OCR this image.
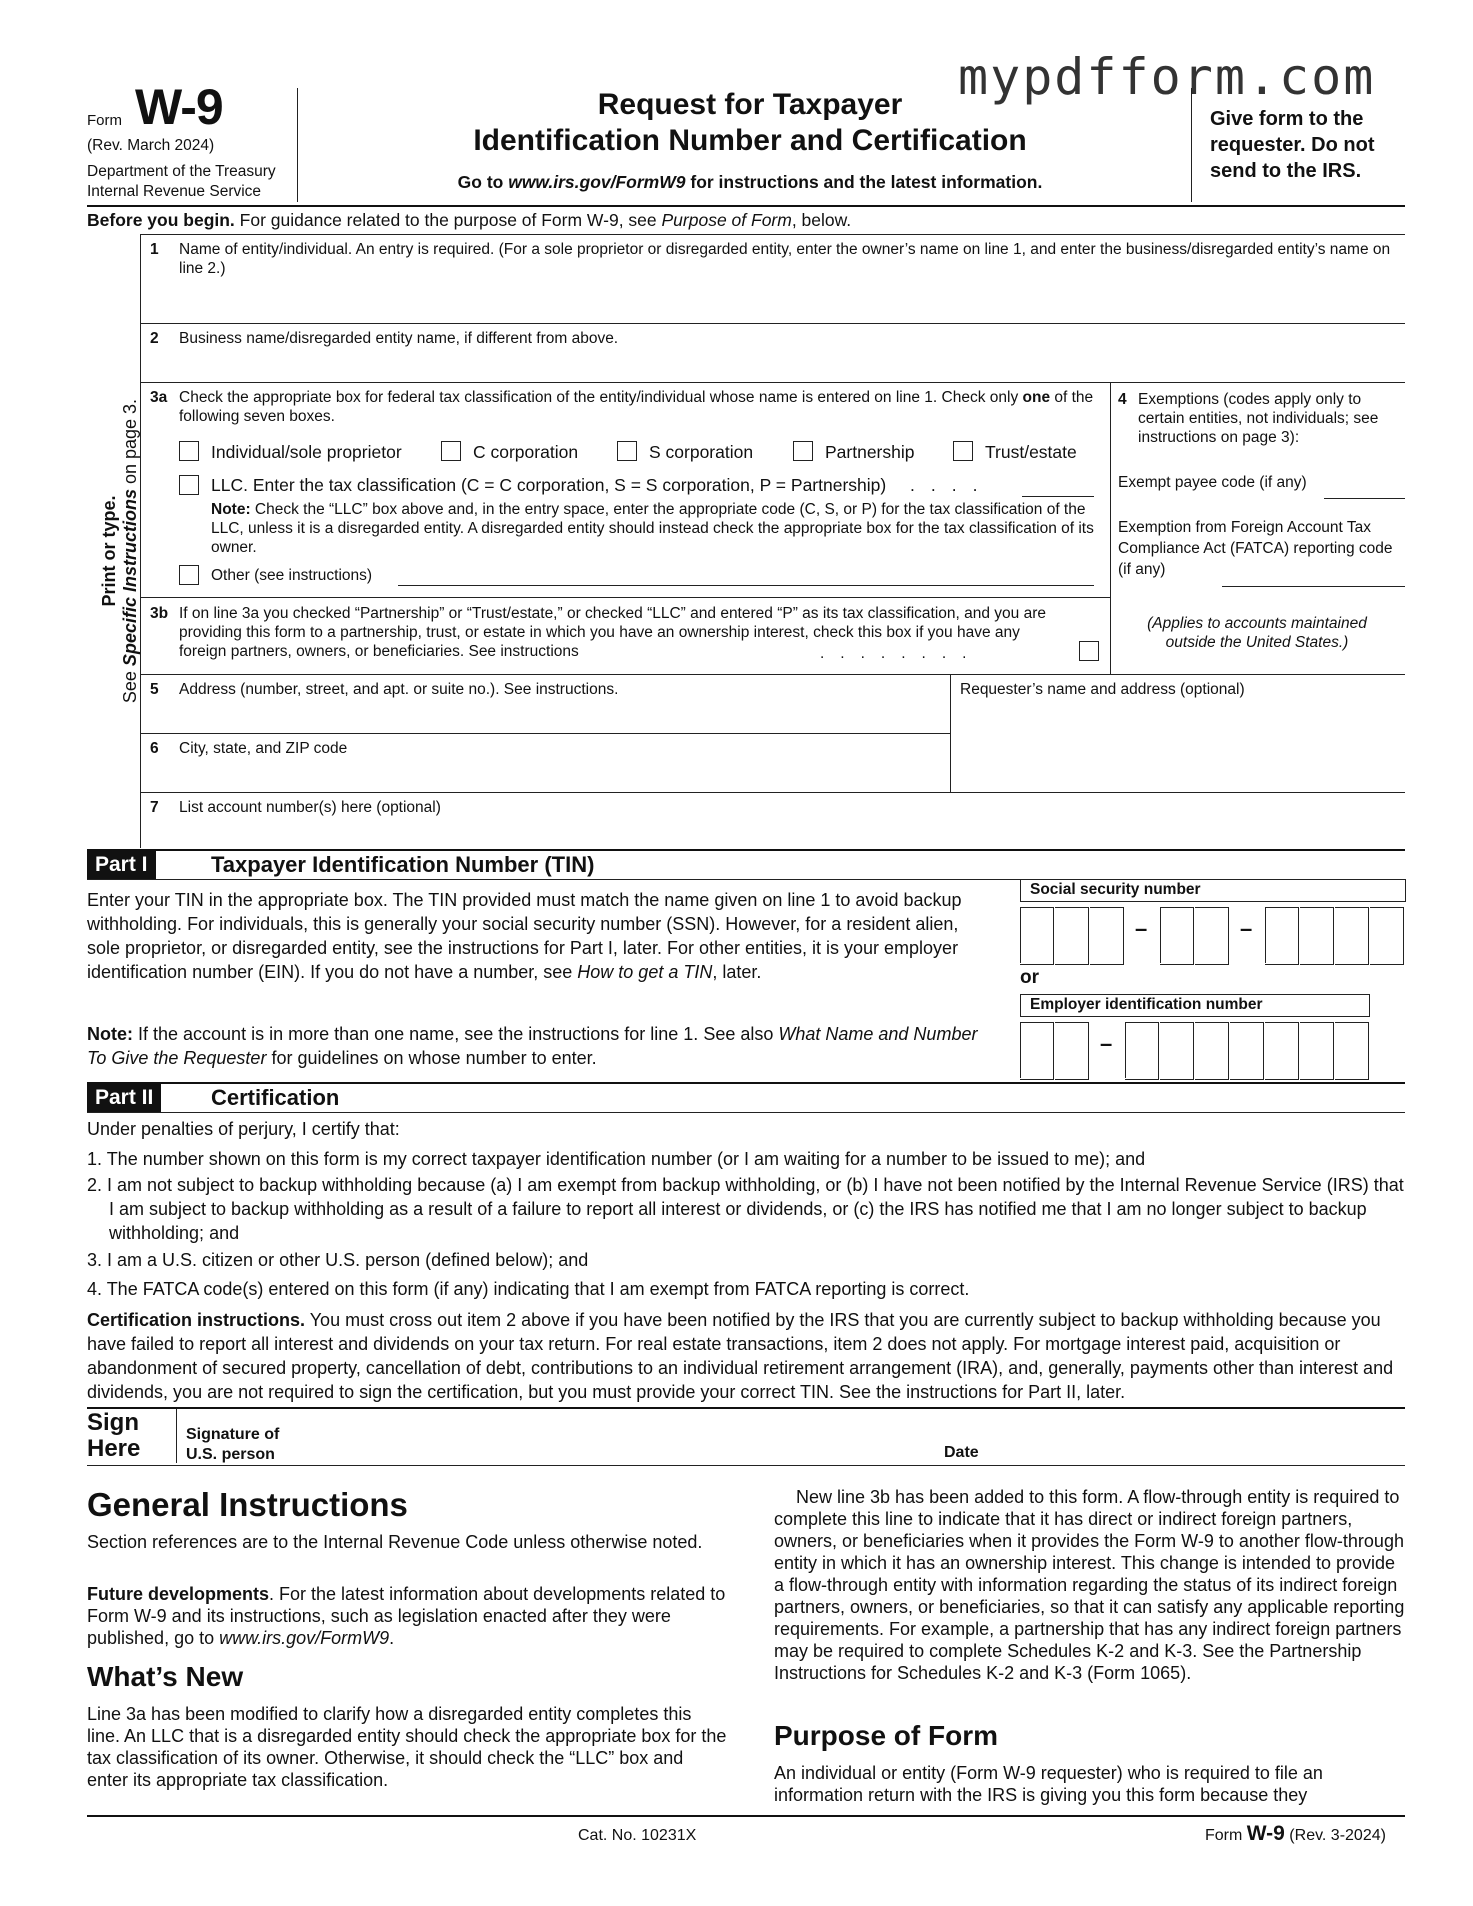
mypdfform.com
Form W-9
(Rev. March 2024)
Department of the Treasury
Internal Revenue Service
Request for Taxpayer
Identification Number and Certification
Go to www.irs.gov/FormW9 for instructions and the latest information.
Give form to the requester. Do not send to the IRS.
Before you begin. For guidance related to the purpose of Form W-9, see Purpose of Form, below.
Print or type.
See Specific Instructions on page 3.
1 Name of entity/individual. An entry is required. (For a sole proprietor or disregarded entity, enter the owner’s name on line 1, and enter the business/disregarded entity’s name on line 2.)
2 Business name/disregarded entity name, if different from above.
3a Check the appropriate box for federal tax classification of the entity/individual whose name is entered on line 1. Check only one of the following seven boxes.
Individual/sole proprietor	C corporation	S corporation	Partnership	Trust/estate
LLC. Enter the tax classification (C = C corporation, S = S corporation, P = Partnership) ....
Note: Check the “LLC” box above and, in the entry space, enter the appropriate code (C, S, or P) for the tax classification of the LLC, unless it is a disregarded entity. A disregarded entity should instead check the appropriate box for the tax classification of its owner.
Other (see instructions)
3b If on line 3a you checked “Partnership” or “Trust/estate,” or checked “LLC” and entered “P” as its tax classification, and you are providing this form to a partnership, trust, or estate in which you have an ownership interest, check this box if you have any foreign partners, owners, or beneficiaries. See instructions	........
4 Exemptions (codes apply only to certain entities, not individuals; see instructions on page 3):
Exempt payee code (if any)
Exemption from Foreign Account Tax Compliance Act (FATCA) reporting code (if any)
(Applies to accounts maintained outside the United States.)
5 Address (number, street, and apt. or suite no.). See instructions.	Requester’s name and address (optional)
6 City, state, and ZIP code
7 List account number(s) here (optional)
Part I	Taxpayer Identification Number (TIN)
Enter your TIN in the appropriate box. The TIN provided must match the name given on line 1 to avoid backup withholding. For individuals, this is generally your social security number (SSN). However, for a resident alien, sole proprietor, or disregarded entity, see the instructions for Part I, later. For other entities, it is your employer identification number (EIN). If you do not have a number, see How to get a TIN, later.
Note: If the account is in more than one name, see the instructions for line 1. See also What Name and Number To Give the Requester for guidelines on whose number to enter.
Social security number
–	–
or
Employer identification number
–
Part II	Certification
Under penalties of perjury, I certify that:
1. The number shown on this form is my correct taxpayer identification number (or I am waiting for a number to be issued to me); and
2. I am not subject to backup withholding because (a) I am exempt from backup withholding, or (b) I have not been notified by the Internal Revenue Service (IRS) that I am subject to backup withholding as a result of a failure to report all interest or dividends, or (c) the IRS has notified me that I am no longer subject to backup withholding; and
3. I am a U.S. citizen or other U.S. person (defined below); and
4. The FATCA code(s) entered on this form (if any) indicating that I am exempt from FATCA reporting is correct.
Certification instructions. You must cross out item 2 above if you have been notified by the IRS that you are currently subject to backup withholding because you have failed to report all interest and dividends on your tax return. For real estate transactions, item 2 does not apply. For mortgage interest paid, acquisition or abandonment of secured property, cancellation of debt, contributions to an individual retirement arrangement (IRA), and, generally, payments other than interest and dividends, you are not required to sign the certification, but you must provide your correct TIN. See the instructions for Part II, later.
Sign
Here
Signature of
U.S. person	Date
General Instructions
Section references are to the Internal Revenue Code unless otherwise noted.
Future developments. For the latest information about developments related to Form W-9 and its instructions, such as legislation enacted after they were published, go to www.irs.gov/FormW9.
What’s New
Line 3a has been modified to clarify how a disregarded entity completes this line. An LLC that is a disregarded entity should check the appropriate box for the tax classification of its owner. Otherwise, it should check the “LLC” box and enter its appropriate tax classification.
New line 3b has been added to this form. A flow-through entity is required to complete this line to indicate that it has direct or indirect foreign partners, owners, or beneficiaries when it provides the Form W-9 to another flow-through entity in which it has an ownership interest. This change is intended to provide a flow-through entity with information regarding the status of its indirect foreign partners, owners, or beneficiaries, so that it can satisfy any applicable reporting requirements. For example, a partnership that has any indirect foreign partners may be required to complete Schedules K-2 and K-3. See the Partnership Instructions for Schedules K-2 and K-3 (Form 1065).
Purpose of Form
An individual or entity (Form W-9 requester) who is required to file an information return with the IRS is giving you this form because they
Cat. No. 10231X	Form W-9 (Rev. 3-2024)
